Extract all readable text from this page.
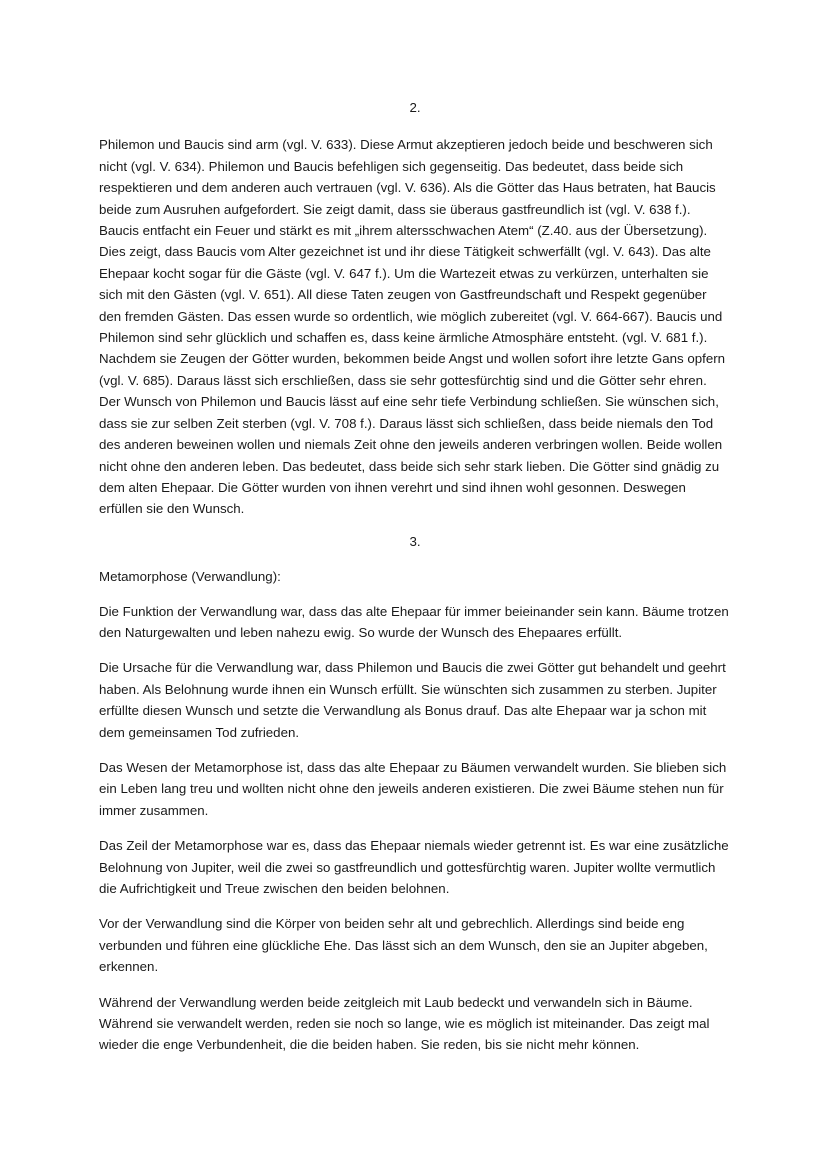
2.

Philemon und Baucis sind arm (vgl. V. 633). Diese Armut akzeptieren jedoch beide und beschweren sich nicht (vgl. V. 634). Philemon und Baucis befehligen sich gegenseitig. Das bedeutet, dass beide sich respektieren und dem anderen auch vertrauen (vgl. V. 636). Als die Götter das Haus betraten, hat Baucis beide zum Ausruhen aufgefordert. Sie zeigt damit, dass sie überaus gastfreundlich ist (vgl. V. 638 f.). Baucis entfacht ein Feuer und stärkt es mit „ihrem altersschwachen Atem“ (Z.40. aus der Übersetzung). Dies zeigt, dass Baucis vom Alter gezeichnet ist und ihr diese Tätigkeit schwerfällt (vgl. V. 643). Das alte Ehepaar kocht sogar für die Gäste (vgl. V. 647 f.). Um die Wartezeit etwas zu verkürzen, unterhalten sie sich mit den Gästen (vgl. V. 651). All diese Taten zeugen von Gastfreundschaft und Respekt gegenüber den fremden Gästen. Das essen wurde so ordentlich, wie möglich zubereitet (vgl. V. 664-667). Baucis und Philemon sind sehr glücklich und schaffen es, dass keine ärmliche Atmosphäre entsteht. (vgl. V. 681 f.). Nachdem sie Zeugen der Götter wurden, bekommen beide Angst und wollen sofort ihre letzte Gans opfern (vgl. V. 685). Daraus lässt sich erschließen, dass sie sehr gottesfürchtig sind und die Götter sehr ehren. Der Wunsch von Philemon und Baucis lässt auf eine sehr tiefe Verbindung schließen. Sie wünschen sich, dass sie zur selben Zeit sterben (vgl. V. 708 f.). Daraus lässt sich schließen, dass beide niemals den Tod des anderen beweinen wollen und niemals Zeit ohne den jeweils anderen verbringen wollen. Beide wollen nicht ohne den anderen leben. Das bedeutet, dass beide sich sehr stark lieben. Die Götter sind gnädig zu dem alten Ehepaar. Die Götter wurden von ihnen verehrt und sind ihnen wohl gesonnen. Deswegen erfüllen sie den Wunsch.

3.

Metamorphose (Verwandlung):

Die Funktion der Verwandlung war, dass das alte Ehepaar für immer beieinander sein kann. Bäume trotzen den Naturgewalten und leben nahezu ewig. So wurde der Wunsch des Ehepaares erfüllt.

Die Ursache für die Verwandlung war, dass Philemon und Baucis die zwei Götter gut behandelt und geehrt haben. Als Belohnung wurde ihnen ein Wunsch erfüllt. Sie wünschten sich zusammen zu sterben. Jupiter erfüllte diesen Wunsch und setzte die Verwandlung als Bonus drauf. Das alte Ehepaar war ja schon mit dem gemeinsamen Tod zufrieden.

Das Wesen der Metamorphose ist, dass das alte Ehepaar zu Bäumen verwandelt wurden. Sie blieben sich ein Leben lang treu und wollten nicht ohne den jeweils anderen existieren. Die zwei Bäume stehen nun für immer zusammen.

Das Zeil der Metamorphose war es, dass das Ehepaar niemals wieder getrennt ist. Es war eine zusätzliche Belohnung von Jupiter, weil die zwei so gastfreundlich und gottesfürchtig waren. Jupiter wollte vermutlich die Aufrichtigkeit und Treue zwischen den beiden belohnen.

Vor der Verwandlung sind die Körper von beiden sehr alt und gebrechlich. Allerdings sind beide eng verbunden und führen eine glückliche Ehe. Das lässt sich an dem Wunsch, den sie an Jupiter abgeben, erkennen.

Während der Verwandlung werden beide zeitgleich mit Laub bedeckt und verwandeln sich in Bäume. Während sie verwandelt werden, reden sie noch so lange, wie es möglich ist miteinander. Das zeigt mal wieder die enge Verbundenheit, die die beiden haben. Sie reden, bis sie nicht mehr können.
